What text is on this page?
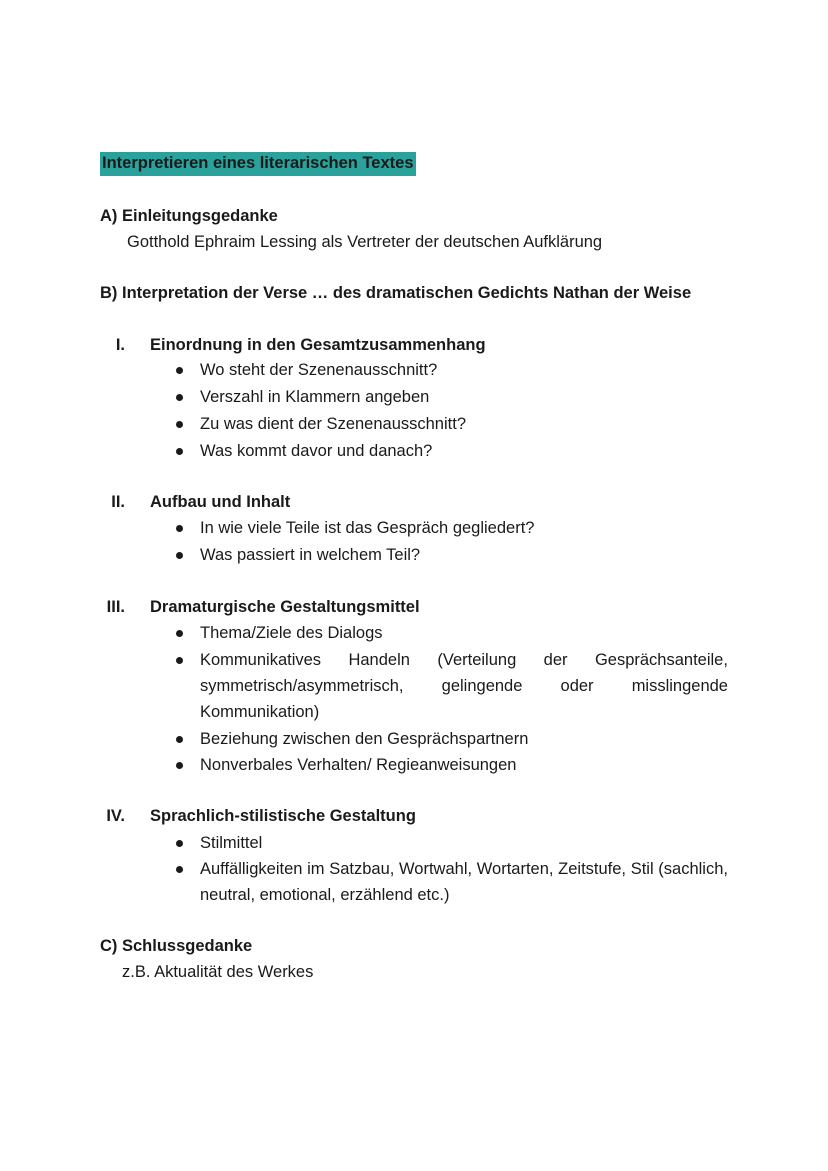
Interpretieren eines literarischen Textes
A) Einleitungsgedanke
Gotthold Ephraim Lessing als Vertreter der deutschen Aufklärung
B) Interpretation der Verse … des dramatischen Gedichts Nathan der Weise
I. Einordnung in den Gesamtzusammenhang
Wo steht der Szenenausschnitt?
Verszahl in Klammern angeben
Zu was dient der Szenenausschnitt?
Was kommt davor und danach?
II. Aufbau und Inhalt
In wie viele Teile ist das Gespräch gegliedert?
Was passiert in welchem Teil?
III. Dramaturgische Gestaltungsmittel
Thema/Ziele des Dialogs
Kommunikatives Handeln (Verteilung der Gesprächsanteile,
symmetrisch/asymmetrisch, gelingende oder misslingende
Kommunikation)
Beziehung zwischen den Gesprächspartnern
Nonverbales Verhalten/ Regieanweisungen
IV. Sprachlich-stilistische Gestaltung
Stilmittel
Auffälligkeiten im Satzbau, Wortwahl, Wortarten, Zeitstufe, Stil (sachlich,
neutral, emotional, erzählend etc.)
C) Schlussgedanke
z.B. Aktualität des Werkes
